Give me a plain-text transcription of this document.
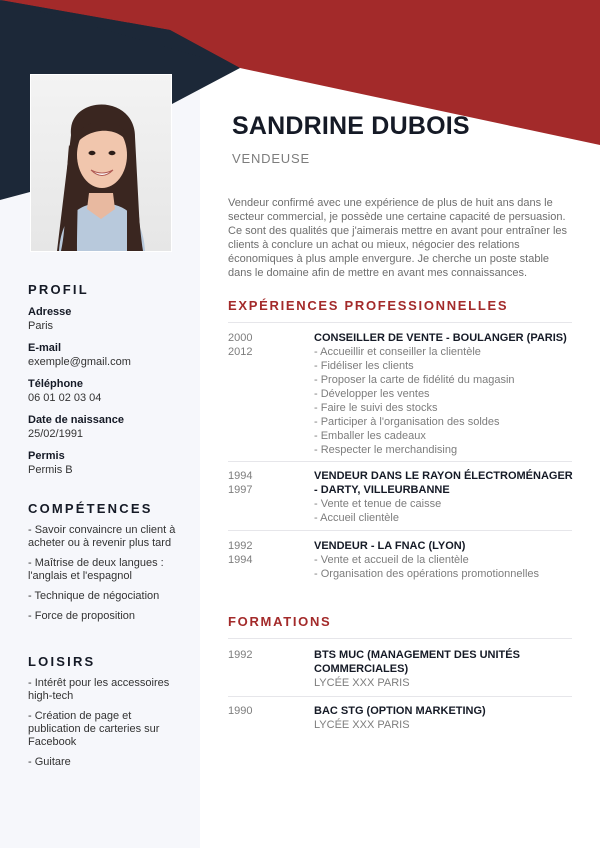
SANDRINE DUBOIS
VENDEUSE
Vendeur confirmé avec une expérience de plus de huit ans dans le secteur commercial, je possède une certaine capacité de persuasion. Ce sont des qualités que j'aimerais mettre en avant pour entraîner les clients à conclure un achat ou mieux, négocier des relations économiques à plus ample envergure. Je cherche un poste stable dans le domaine afin de mettre en avant mes connaissances.
PROFIL
Adresse
Paris
E-mail
exemple@gmail.com
Téléphone
06 01 02 03 04
Date de naissance
25/02/1991
Permis
Permis B
COMPÉTENCES
- Savoir convaincre un client à acheter ou à revenir plus tard
- Maîtrise de deux langues : l'anglais et l'espagnol
- Technique de négociation
- Force de proposition
LOISIRS
- Intérêt pour les accessoires high-tech
- Création de page et publication de carteries sur Facebook
- Guitare
EXPÉRIENCES PROFESSIONNELLES
2000
2012
CONSEILLER DE VENTE - BOULANGER (PARIS)
- Accueillir et conseiller la clientèle
- Fidéliser les clients
- Proposer la carte de fidélité du magasin
- Développer les ventes
- Faire le suivi des stocks
- Participer à l'organisation des soldes
- Emballer les cadeaux
- Respecter le merchandising
1994
1997
VENDEUR DANS LE RAYON ÉLECTROMÉNAGER - DARTY, VILLEURBANNE
- Vente et tenue de caisse
- Accueil clientèle
1992
1994
VENDEUR - LA FNAC (LYON)
- Vente et accueil de la clientèle
- Organisation des opérations promotionnelles
FORMATIONS
1992	BTS MUC (MANAGEMENT DES UNITÉS COMMERCIALES)
LYCÉE XXX PARIS
1990	BAC STG (OPTION MARKETING)
LYCÉE XXX PARIS
